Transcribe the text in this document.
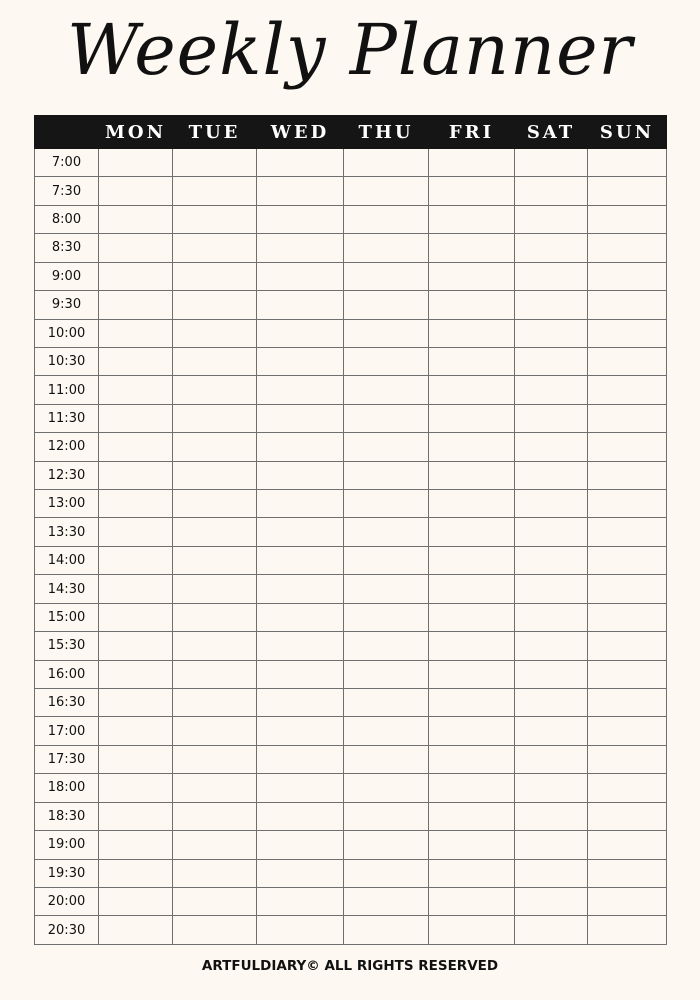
Weekly Planner
	MON	TUE	WED	THU	FRI	SAT	SUN
7:00							
7:30							
8:00							
8:30							
9:00							
9:30							
10:00							
10:30							
11:00							
11:30							
12:00							
12:30							
13:00							
13:30							
14:00							
14:30							
15:00							
15:30							
16:00							
16:30							
17:00							
17:30							
18:00							
18:30							
19:00							
19:30							
20:00							
20:30							
ARTFULDIARY© ALL RIGHTS RESERVED
